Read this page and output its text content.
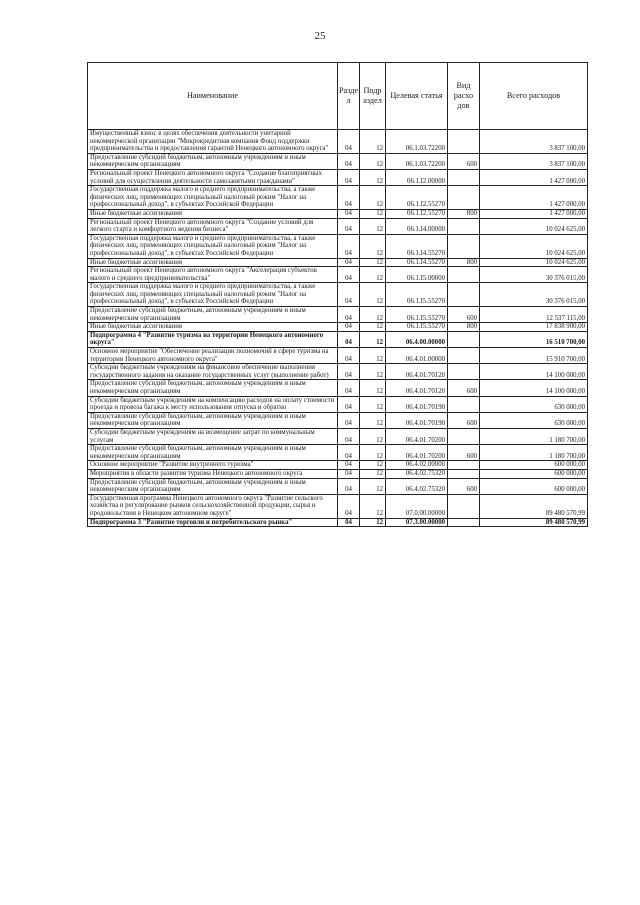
25
Наименование	Разде л	Подр аздел	Целевая статья	Вид расхо дов	Всего расходов
Имущественный взнос в целях обеспечения деятельности унитарной некоммерческой организации "Микрокредитная компания Фонд поддержки предпринимательства и предоставления гарантий Ненецкого автономного округа"	04	12	06.1.03.72200		3 837 100,00
Предоставление субсидий бюджетным, автономным учреждениям и иным некоммерческим организациям	04	12	06.1.03.72200	600	3 837 100,00
Региональный проект Ненецкого автономного округа "Создание благоприятных условий для осуществления деятельности самозанятыми гражданами"	04	12	06.1.I2.00000		1 427 000,00
Государственная поддержка малого и среднего предпринимательства, а также физических лиц, применяющих специальный налоговый режим "Налог на профессиональный доход", в субъектах Российской Федерации	04	12	06.1.I2.55270		1 427 000,00
Иные бюджетные ассигнования	04	12	06.1.I2.55270	800	1 427 000,00
Региональный проект Ненецкого автономного округа "Создание условий для легкого старта и комфортного ведения бизнеса"	04	12	06.1.I4.00000		10 024 625,00
Государственная поддержка малого и среднего предпринимательства, а также физических лиц, применяющих специальный налоговый режим "Налог на профессиональный доход", в субъектах Российской Федерации	04	12	06.1.I4.55270		10 024 625,00
Иные бюджетные ассигнования	04	12	06.1.I4.55270	800	10 024 625,00
Региональный проект Ненецкого автономного округа "Акселерация субъектов малого и среднего предпринимательства"	04	12	06.1.I5.00000		30 376 015,00
Государственная поддержка малого и среднего предпринимательства, а также физических лиц, применяющих специальный налоговый режим "Налог на профессиональный доход", в субъектах Российской Федерации	04	12	06.1.I5.55270		30 376 015,00
Предоставление субсидий бюджетным, автономным учреждениям и иным некоммерческим организациям	04	12	06.1.I5.55270	600	12 537 115,00
Иные бюджетные ассигнования	04	12	06.1.I5.55270	800	17 838 900,00
Подпрограмма 4 "Развитие туризма на территории Ненецкого автономного округа"	04	12	06.4.00.00000		16 510 700,00
Основное мероприятие "Обеспечение реализации полномочий в сфере туризма на территории Ненецкого автономного округа"	04	12	06.4.01.00000		15 910 700,00
Субсидии бюджетным учреждениям на финансовое обеспечение выполнения государственного задания на оказание государственных услуг (выполнение работ)	04	12	06.4.01.70120		14 100 000,00
Предоставление субсидий бюджетным, автономным учреждениям и иным некоммерческим организациям	04	12	06.4.01.70120	600	14 100 000,00
Субсидии бюджетным учреждениям на компенсацию расходов на оплату стоимости проезда и провоза багажа к месту использования отпуска и обратно	04	12	06.4.01.70190		630 000,00
Предоставление субсидий бюджетным, автономным учреждениям и иным некоммерческим организациям	04	12	06.4.01.70190	600	630 000,00
Субсидии бюджетным учреждениям на возмещение затрат по коммунальным услугам	04	12	06.4.01.70200		1 180 700,00
Предоставление субсидий бюджетным, автономным учреждениям и иным некоммерческим организациям	04	12	06.4.01.70200	600	1 180 700,00
Основное мероприятие "Развитие внутреннего туризма"	04	12	06.4.02.00000		600 000,00
Мероприятия в области развития туризма Ненецкого автономного округа	04	12	06.4.02.75320		600 000,00
Предоставление субсидий бюджетным, автономным учреждениям и иным некоммерческим организациям	04	12	06.4.02.75320	600	600 000,00
Государственная программа Ненецкого автономного округа "Развитие сельского хозяйства и регулирование рынков сельскохозяйственной продукции, сырья и продовольствия в Ненецком автономном округе"	04	12	07.0.00.00000		89 480 570,99
Подпрограмма 3 "Развитие торговли и потребительского рынка"	04	12	07.3.00.00000		89 480 570,99
